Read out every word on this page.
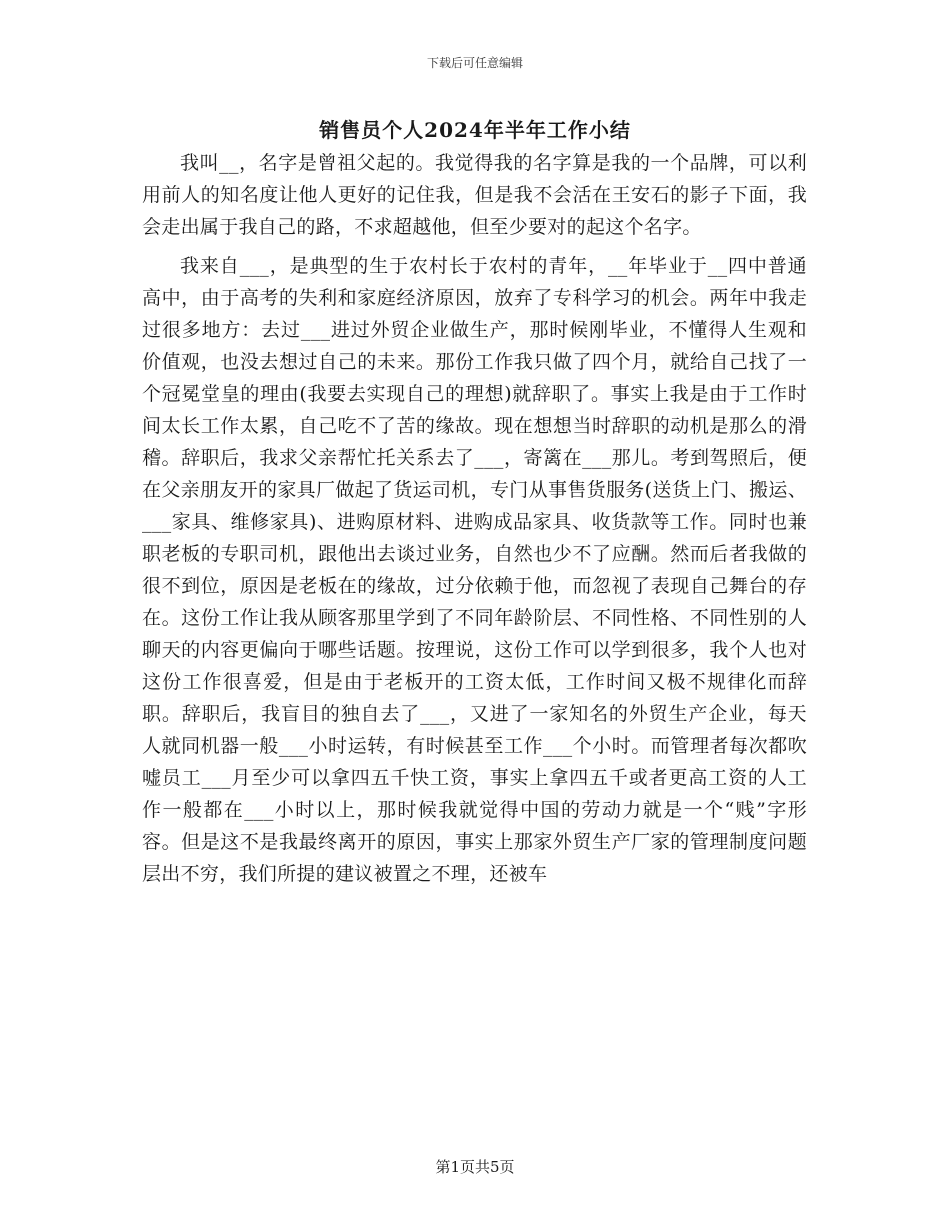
下载后可任意编辑
销售员个人2024年半年工作小结

我叫__，名字是曾祖父起的。我觉得我的名字算是我的一个品牌，可以利用前人的知名度让他人更好的记住我，但是我不会活在王安石的影子下面，我会走出属于我自己的路，不求超越他，但至少要对的起这个名字。

我来自___，是典型的生于农村长于农村的青年，__年毕业于__四中普通高中，由于高考的失利和家庭经济原因，放弃了专科学习的机会。两年中我走过很多地方：去过___进过外贸企业做生产，那时候刚毕业，不懂得人生观和价值观，也没去想过自己的未来。那份工作我只做了四个月，就给自己找了一个冠冕堂皇的理由(我要去实现自己的理想)就辞职了。事实上我是由于工作时间太长工作太累，自己吃不了苦的缘故。现在想想当时辞职的动机是那么的滑稽。辞职后，我求父亲帮忙托关系去了___，寄篱在___那儿。考到驾照后，便在父亲朋友开的家具厂做起了货运司机，专门从事售货服务(送货上门、搬运、___家具、维修家具)、进购原材料、进购成品家具、收货款等工作。同时也兼职老板的专职司机，跟他出去谈过业务，自然也少不了应酬。然而后者我做的很不到位，原因是老板在的缘故，过分依赖于他，而忽视了表现自己舞台的存在。这份工作让我从顾客那里学到了不同年龄阶层、不同性格、不同性别的人聊天的内容更偏向于哪些话题。按理说，这份工作可以学到很多，我个人也对这份工作很喜爱，但是由于老板开的工资太低，工作时间又极不规律化而辞职。辞职后，我盲目的独自去了___，又进了一家知名的外贸生产企业，每天人就同机器一般___小时运转，有时候甚至工作___个小时。而管理者每次都吹嘘员工___月至少可以拿四五千快工资，事实上拿四五千或者更高工资的人工作一般都在___小时以上，那时候我就觉得中国的劳动力就是一个“贱”字形容。但是这不是我最终离开的原因，事实上那家外贸生产厂家的管理制度问题层出不穷，我们所提的建议被置之不理，还被车

第1页共5页
